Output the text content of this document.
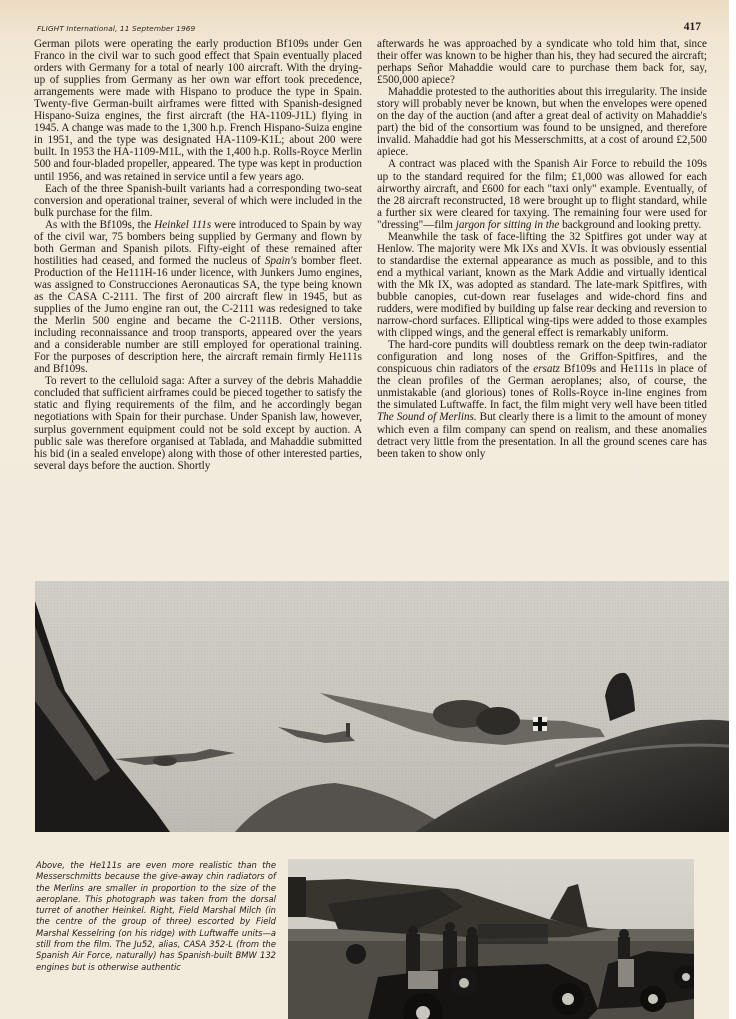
FLIGHT International, 11 September 1969	417

German pilots were operating the early production Bf109s under Gen Franco in the civil war to such good effect that Spain eventually placed orders with Germany for a total of nearly 100 aircraft. With the drying-up of supplies from Germany as her own war effort took precedence, arrangements were made with Hispano to produce the type in Spain. Twenty-five German-built airframes were fitted with Spanish-designed Hispano-Suiza engines, the first aircraft (the HA-1109-J1L) flying in 1945. A change was made to the 1,300 h.p. French Hispano-Suiza engine in 1951, and the type was designated HA-1109-K1L; about 200 were built. In 1953 the HA-1109-M1L, with the 1,400 h.p. Rolls-Royce Merlin 500 and four-bladed propeller, appeared. The type was kept in production until 1956, and was retained in service until a few years ago.

Each of the three Spanish-built variants had a corresponding two-seat conversion and operational trainer, several of which were included in the bulk purchase for the film.

As with the Bf109s, the Heinkel 111s were introduced to Spain by way of the civil war, 75 bombers being supplied by Germany and flown by both German and Spanish pilots. Fifty-eight of these remained after hostilities had ceased, and formed the nucleus of Spain's bomber fleet. Production of the He111H-16 under licence, with Junkers Jumo engines, was assigned to Construcciones Aeronauticas SA, the type being known as the CASA C-2111. The first of 200 aircraft flew in 1945, but as supplies of the Jumo engine ran out, the C-2111 was redesigned to take the Merlin 500 engine and became the C-2111B. Other versions, including reconnaissance and troop transports, appeared over the years and a considerable number are still employed for operational training. For the purposes of description here, the aircraft remain firmly He111s and Bf109s.

To revert to the celluloid saga: After a survey of the debris Mahaddie concluded that sufficient airframes could be pieced together to satisfy the static and flying requirements of the film, and he accordingly began negotiations with Spain for their purchase. Under Spanish law, however, surplus government equipment could not be sold except by auction. A public sale was therefore organised at Tablada, and Mahaddie submitted his bid (in a sealed envelope) along with those of other interested parties, several days before the auction. Shortly

afterwards he was approached by a syndicate who told him that, since their offer was known to be higher than his, they had secured the aircraft; perhaps Señor Mahaddie would care to purchase them back for, say, £500,000 apiece?

Mahaddie protested to the authorities about this irregularity. The inside story will probably never be known, but when the envelopes were opened on the day of the auction (and after a great deal of activity on Mahaddie's part) the bid of the consortium was found to be unsigned, and therefore invalid. Mahaddie had got his Messerschmitts, at a cost of around £2,500 apiece.

A contract was placed with the Spanish Air Force to rebuild the 109s up to the standard required for the film; £1,000 was allowed for each airworthy aircraft, and £600 for each "taxi only" example. Eventually, of the 28 aircraft reconstructed, 18 were brought up to flight standard, while a further six were cleared for taxying. The remaining four were used for "dressing"—film jargon for sitting in the background and looking pretty.

Meanwhile the task of face-lifting the 32 Spitfires got under way at Henlow. The majority were Mk IXs and XVIs. It was obviously essential to standardise the external appearance as much as possible, and to this end a mythical variant, known as the Mark Addie and virtually identical with the Mk IX, was adopted as standard. The late-mark Spitfires, with bubble canopies, cut-down rear fuselages and wide-chord fins and rudders, were modified by building up false rear decking and reversion to narrow-chord surfaces. Elliptical wing-tips were added to those examples with clipped wings, and the general effect is remarkably uniform.

The hard-core pundits will doubtless remark on the deep twin-radiator configuration and long noses of the Griffon-Spitfires, and the conspicuous chin radiators of the ersatz Bf109s and He111s in place of the clean profiles of the German aeroplanes; also, of course, the unmistakable (and glorious) tones of Rolls-Royce in-line engines from the simulated Luftwaffe. In fact, the film might very well have been titled The Sound of Merlins. But clearly there is a limit to the amount of money which even a film company can spend on realism, and these anomalies detract very little from the presentation. In all the ground scenes care has been taken to show only

Above, the He111s are even more realistic than the Messerschmitts because the give-away chin radiators of the Merlins are smaller in proportion to the size of the aeroplane. This photograph was taken from the dorsal turret of another Heinkel. Right, Field Marshal Milch (in the centre of the group of three) escorted by Field Marshal Kesselring (on his ridge) with Luftwaffe units—a still from the film. The Ju52, alias, CASA 352-L (from the Spanish Air Force, naturally) has Spanish-built BMW 132 engines but is otherwise authentic
